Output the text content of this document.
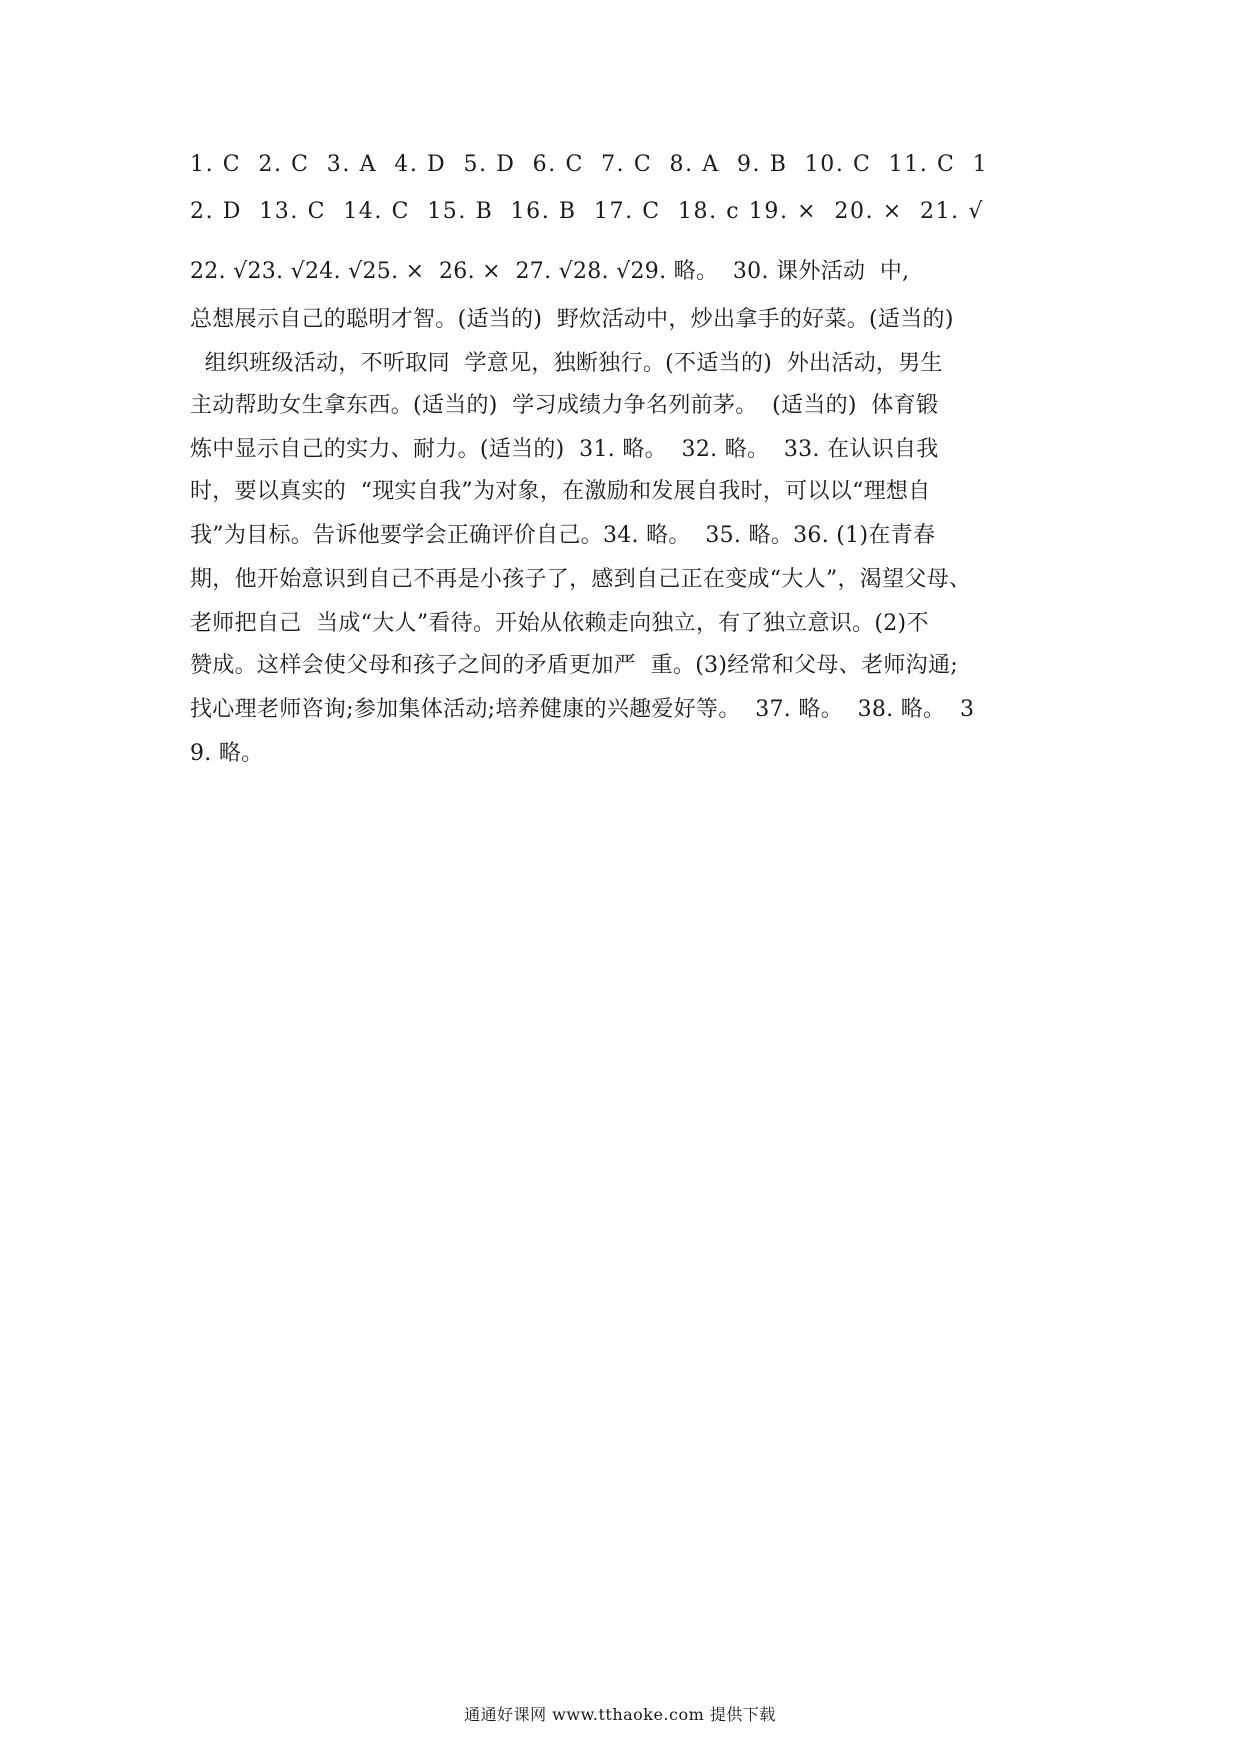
1. C  2. C  3. A  4. D  5. D  6. C  7. C  8. A  9. B  10. C  11. C  1
2. D  13. C  14. C  15. B  16. B  17. C  18. c 19. ×  20. ×  21. √
22. √23. √24. √25. ×  26. ×  27. √28. √29. 略。  30. 课外活动  中,
总想展示自己的聪明才智。(适当的)  野炊活动中，炒出拿手的好菜。(适当的)
组织班级活动，不听取同  学意见，独断独行。(不适当的)  外出活动，男生
主动帮助女生拿东西。(适当的)  学习成绩力争名列前茅。  (适当的)  体育锻
炼中显示自己的实力、耐力。(适当的)  31. 略。  32. 略。  33. 在认识自我
时，要以真实的  “现实自我”为对象，在激励和发展自我时，可以以“理想自
我”为目标。告诉他要学会正确评价自己。34. 略。  35. 略。36. (1)在青春
期，他开始意识到自己不再是小孩子了，感到自己正在变成“大人”，渴望父母、
老师把自己  当成“大人”看待。开始从依赖走向独立，有了独立意识。(2)不
赞成。这样会使父母和孩子之间的矛盾更加严  重。(3)经常和父母、老师沟通;
找心理老师咨询;参加集体活动;培养健康的兴趣爱好等。  37. 略。  38. 略。  3
9. 略。
通通好课网 www.tthaoke.com 提供下载
